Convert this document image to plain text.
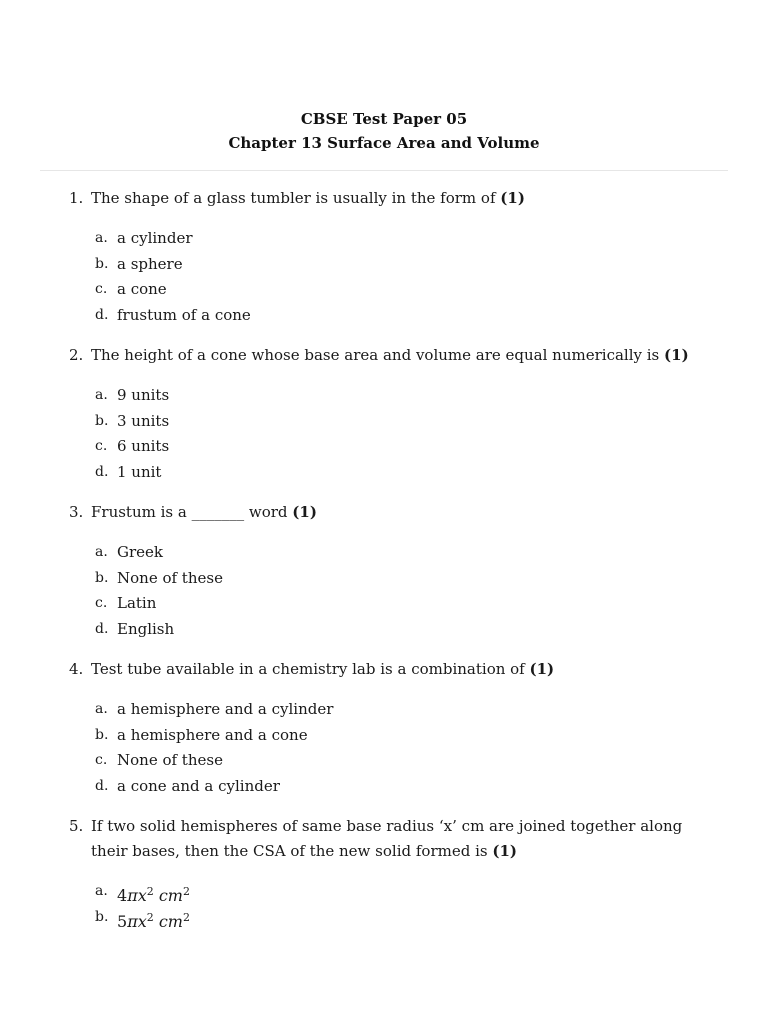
CBSE Test Paper 05
Chapter 13 Surface Area and Volume
1. The shape of a glass tumbler is usually in the form of (1)
a. a cylinder
b. a sphere
c. a cone
d. frustum of a cone
2. The height of a cone whose base area and volume are equal numerically is (1)
a. 9 units
b. 3 units
c. 6 units
d. 1 unit
3. Frustum is a _______ word (1)
a. Greek
b. None of these
c. Latin
d. English
4. Test tube available in a chemistry lab is a combination of (1)
a. a hemisphere and a cylinder
b. a hemisphere and a cone
c. None of these
d. a cone and a cylinder
5. If two solid hemispheres of same base radius ‘x’ cm are joined together along their bases, then the CSA of the new solid formed is (1)
a. $4\pi x^2$ $cm^2$
b. $5\pi x^2$ $cm^2$
